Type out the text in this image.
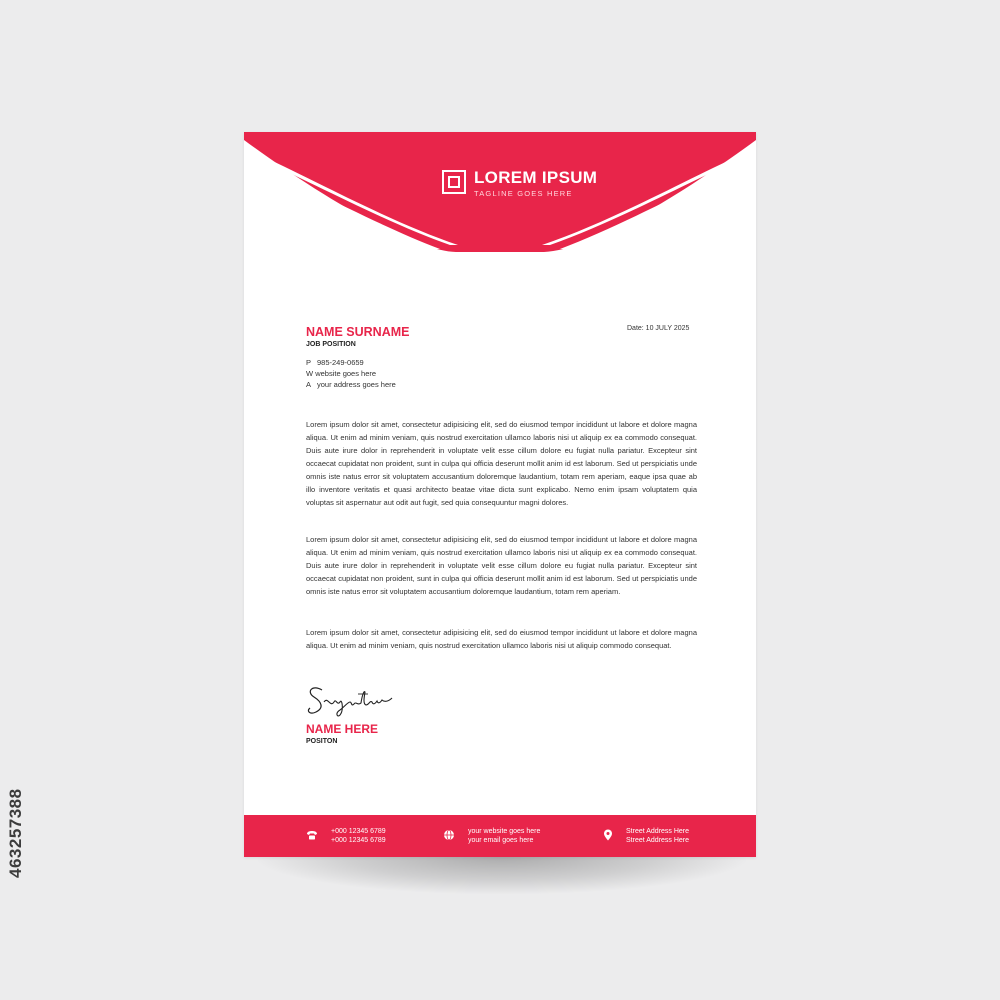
463257388
LOREM IPSUM
TAGLINE GOES HERE
NAME SURNAME
JOB POSITION
P 985-249-0659
W website goes here
A your address goes here
Date: 10 JULY 2025

Lorem ipsum dolor sit amet, consectetur adipisicing elit, sed do eiusmod tempor incididunt ut labore et dolore magna aliqua. Ut enim ad minim veniam, quis nostrud exercitation ullamco laboris nisi ut aliquip ex ea commodo consequat. Duis aute irure dolor in reprehenderit in voluptate velit esse cillum dolore eu fugiat nulla pariatur. Excepteur sint occaecat cupidatat non proident, sunt in culpa qui officia deserunt mollit anim id est laborum. Sed ut perspiciatis unde omnis iste natus error sit voluptatem accusantium doloremque laudantium, totam rem aperiam, eaque ipsa quae ab illo inventore veritatis et quasi architecto beatae vitae dicta sunt explicabo. Nemo enim ipsam voluptatem quia voluptas sit aspernatur aut odit aut fugit, sed quia consequuntur magni dolores.

Lorem ipsum dolor sit amet, consectetur adipisicing elit, sed do eiusmod tempor incididunt ut labore et dolore magna aliqua. Ut enim ad minim veniam, quis nostrud exercitation ullamco laboris nisi ut aliquip ex ea commodo consequat. Duis aute irure dolor in reprehenderit in voluptate velit esse cillum dolore eu fugiat nulla pariatur. Excepteur sint occaecat cupidatat non proident, sunt in culpa qui officia deserunt mollit anim id est laborum. Sed ut perspiciatis unde omnis iste natus error sit voluptatem accusantium doloremque laudantium, totam rem aperiam.

Lorem ipsum dolor sit amet, consectetur adipisicing elit, sed do eiusmod tempor incididunt ut labore et dolore magna aliqua. Ut enim ad minim veniam, quis nostrud exercitation ullamco laboris nisi ut aliquip commodo consequat.

NAME HERE
POSITON
+000 12345 6789
+000 12345 6789
your website goes here
your email goes here
Street Address Here
Street Address Here
